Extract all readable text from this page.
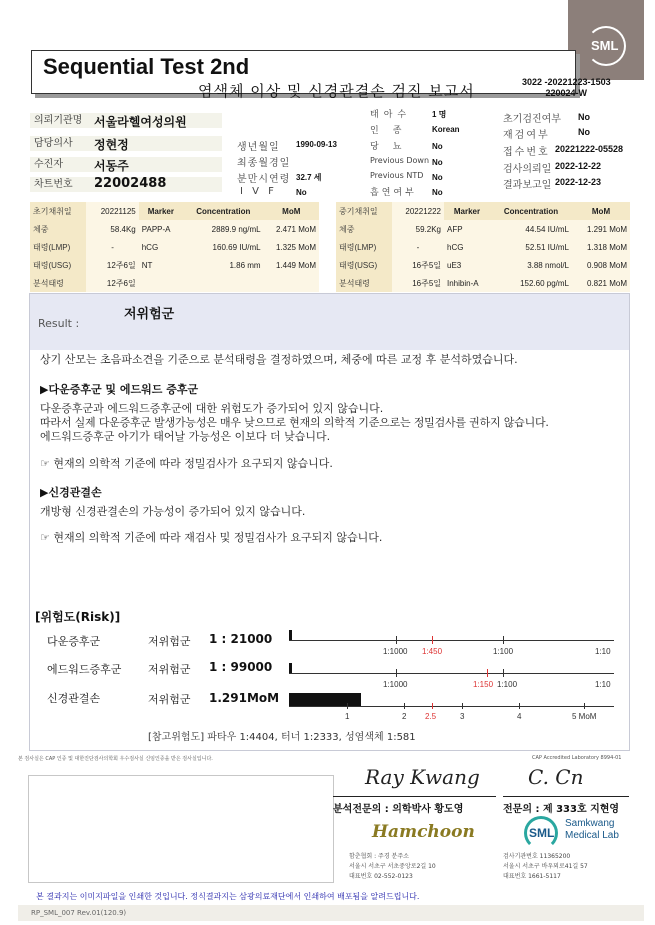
SML
Sequential Test 2nd
염색체 이상 및 신경관결손 검진 보고서	3022 -20221223-1503
220024-W
의뢰기관명 서울라헬여성의원
담당의사	정현정
수진자	서동주
차트번호	22002488
생년월일 1990-09-13
최종월경일
분만시연령 32.7 세
I V F No
태아수	1 명
인종 Korean
당뇨 No
Previous Down No
Previous NTD No
흡연여부 No
초기검진여부 No
재검여부	No
접수번호 20221222-05528
검사의뢰일 2022-12-22
결과보고일 2022-12-23
초기채취일	20221125	Marker	Concentration	MoM
체중	58.4Kg	PAPP-A	2889.9 ng/mL	2.471 MoM
태령(LMP)	-	hCG	160.69 IU/mL	1.325 MoM
태령(USG)	12주6일	NT	1.86 mm	1.449 MoM
분석태령	12주6일			
중기채취일	20221222	Marker	Concentration	MoM
체중	59.2Kg	AFP	44.54 IU/mL	1.291 MoM
태령(LMP)	-	hCG	52.51 IU/mL	1.318 MoM
태령(USG)	16주5일	uE3	3.88 nmol/L	0.908 MoM
분석태령	16주5일	Inhibin-A	152.60 pg/mL	0.821 MoM
Result :
저위험군
상기 산모는 초음파소견을 기준으로 분석태령을 결정하였으며, 체중에 따른 교정 후 분석하였습니다.
▶다운증후군 및 에드워드 증후군
다운증후군과 에드워드증후군에 대한 위험도가 증가되어 있지 않습니다.
따라서 실제 다운증후군 발생가능성은 매우 낮으므로 현재의 의학적 기준으로는 정밀검사를 권하지 않습니다.
에드워드증후군 아기가 태어날 가능성은 이보다 더 낮습니다.
☞ 현재의 의학적 기준에 따라 정밀검사가 요구되지 않습니다.
▶신경관결손
개방형 신경관결손의 가능성이 증가되어 있지 않습니다.
☞ 현재의 의학적 기준에 따라 재검사 및 정밀검사가 요구되지 않습니다.
[위험도(Risk)]
다운증후군	저위험군 1 : 21000
1:1000 1:450	1:100	1:10
에드워드증후군 저위험군 1 : 99000
1:1000	1:150 1:100	1:10
신경관결손	저위험군 1.291MoM
1	2 2.5	3	4	5 MoM
[참고위험도] 파타우 1:4404, 터너 1:2333, 성염색체 1:581
본 검사실은 CAP 인증 및 대한진단검사의학회 우수검사실 신임인증을 받은 검사실입니다.	CAP Accredited Laboratory 8994-01
Ray Kwang
분석전문의 : 의학박사 황도영
Hamchoon
함춘협회 : 주경 분주소
서울시 서초구 서초중앙로2길 10
대표번호 02-552-0123
C. Cn
전문의 : 제 333호 지현영
SML
Samkwang
Medical Lab
검사기관번호 11365200
서울시 서초구 바우뫼로41길 57
대표번호 1661-5117
본 결과지는 이미지파일을 인쇄한 것입니다. 정식결과지는 삼광의료재단에서 인쇄하여 배포됨을 알려드립니다.
RP_SML_007 Rev.01(120.9)
